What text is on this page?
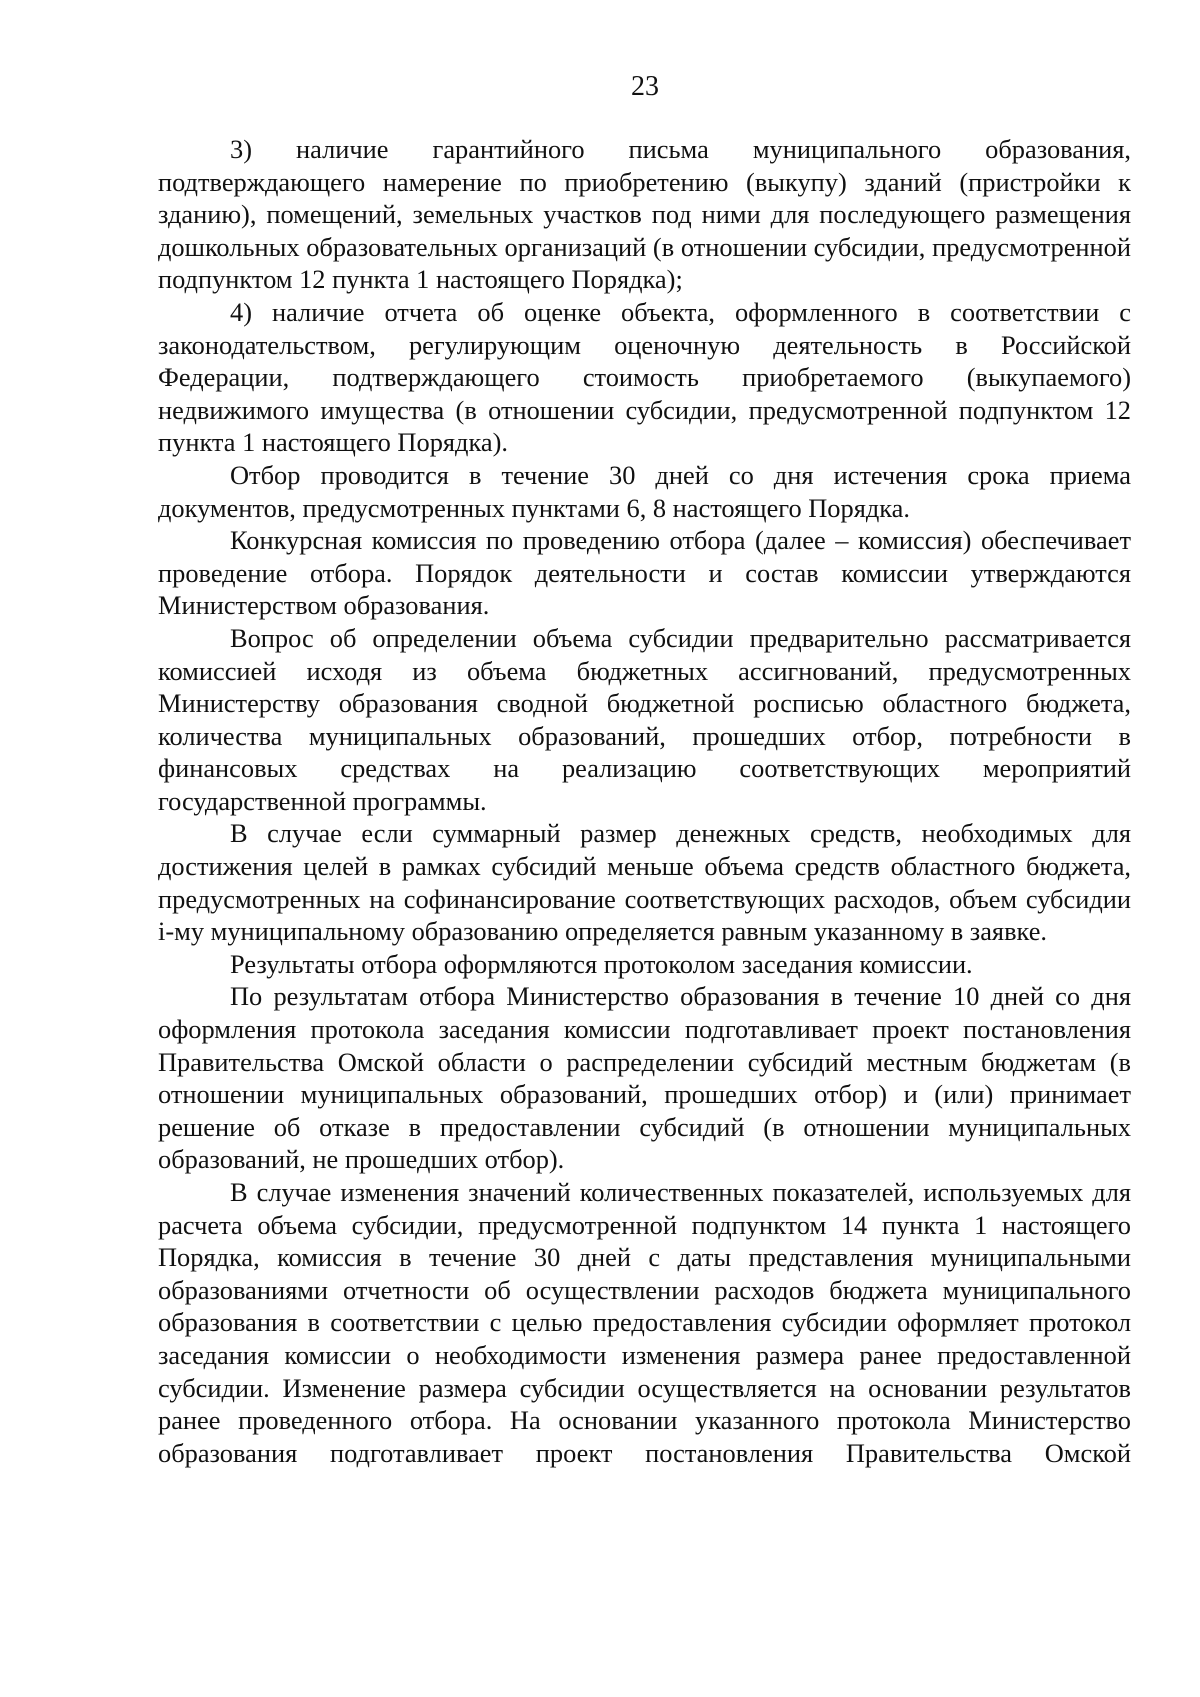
23

3) наличие гарантийного письма муниципального образования, подтверждающего намерение по приобретению (выкупу) зданий (пристройки к зданию), помещений, земельных участков под ними для последующего размещения дошкольных образовательных организаций (в отношении субсидии, предусмотренной подпунктом 12 пункта 1 настоящего Порядка);

4) наличие отчета об оценке объекта, оформленного в соответствии с законодательством, регулирующим оценочную деятельность в Российской Федерации, подтверждающего стоимость приобретаемого (выкупаемого) недвижимого имущества (в отношении субсидии, предусмотренной подпунктом 12 пункта 1 настоящего Порядка).

Отбор проводится в течение 30 дней со дня истечения срока приема документов, предусмотренных пунктами 6, 8 настоящего Порядка.

Конкурсная комиссия по проведению отбора (далее – комиссия) обеспечивает проведение отбора. Порядок деятельности и состав комиссии утверждаются Министерством образования.

Вопрос об определении объема субсидии предварительно рассматривается комиссией исходя из объема бюджетных ассигнований, предусмотренных Министерству образования сводной бюджетной росписью областного бюджета, количества муниципальных образований, прошедших отбор, потребности в финансовых средствах на реализацию соответствующих мероприятий государственной программы.

В случае если суммарный размер денежных средств, необходимых для достижения целей в рамках субсидий меньше объема средств областного бюджета, предусмотренных на софинансирование соответствующих расходов, объем субсидии i-му муниципальному образованию определяется равным указанному в заявке.

Результаты отбора оформляются протоколом заседания комиссии.

По результатам отбора Министерство образования в течение 10 дней со дня оформления протокола заседания комиссии подготавливает проект постановления Правительства Омской области о распределении субсидий местным бюджетам (в отношении муниципальных образований, прошедших отбор) и (или) принимает решение об отказе в предоставлении субсидий (в отношении муниципальных образований, не прошедших отбор).

В случае изменения значений количественных показателей, используемых для расчета объема субсидии, предусмотренной подпунктом 14 пункта 1 настоящего Порядка, комиссия в течение 30 дней с даты представления муниципальными образованиями отчетности об осуществлении расходов бюджета муниципального образования в соответствии с целью предоставления субсидии оформляет протокол заседания комиссии о необходимости изменения размера ранее предоставленной субсидии. Изменение размера субсидии осуществляется на основании результатов ранее проведенного отбора. На основании указанного протокола Министерство образования подготавливает проект постановления Правительства Омской
